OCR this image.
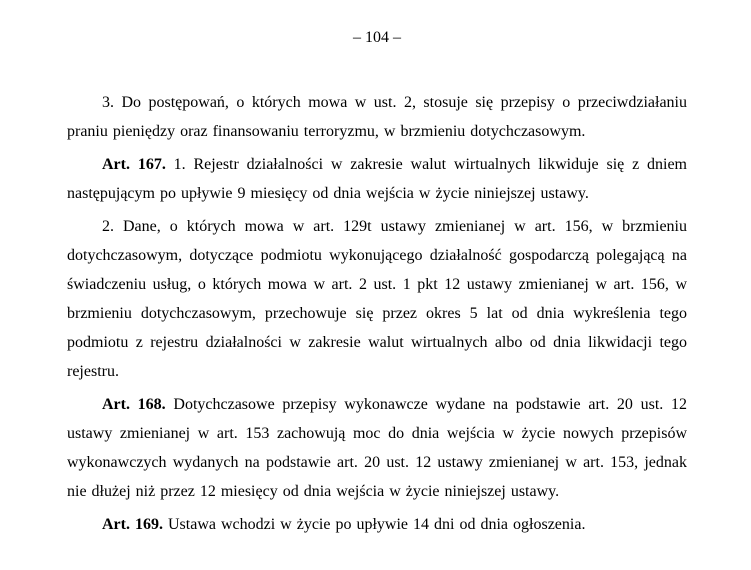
– 104 –

3. Do postępowań, o których mowa w ust. 2, stosuje się przepisy o przeciwdziałaniu praniu pieniędzy oraz finansowaniu terroryzmu, w brzmieniu dotychczasowym.

Art. 167. 1. Rejestr działalności w zakresie walut wirtualnych likwiduje się z dniem następującym po upływie 9 miesięcy od dnia wejścia w życie niniejszej ustawy.

2. Dane, o których mowa w art. 129t ustawy zmienianej w art. 156, w brzmieniu dotychczasowym, dotyczące podmiotu wykonującego działalność gospodarczą polegającą na świadczeniu usług, o których mowa w art. 2 ust. 1 pkt 12 ustawy zmienianej w art. 156, w brzmieniu dotychczasowym, przechowuje się przez okres 5 lat od dnia wykreślenia tego podmiotu z rejestru działalności w zakresie walut wirtualnych albo od dnia likwidacji tego rejestru.

Art. 168. Dotychczasowe przepisy wykonawcze wydane na podstawie art. 20 ust. 12 ustawy zmienianej w art. 153 zachowują moc do dnia wejścia w życie nowych przepisów wykonawczych wydanych na podstawie art. 20 ust. 12 ustawy zmienianej w art. 153, jednak nie dłużej niż przez 12 miesięcy od dnia wejścia w życie niniejszej ustawy.

Art. 169. Ustawa wchodzi w życie po upływie 14 dni od dnia ogłoszenia.
